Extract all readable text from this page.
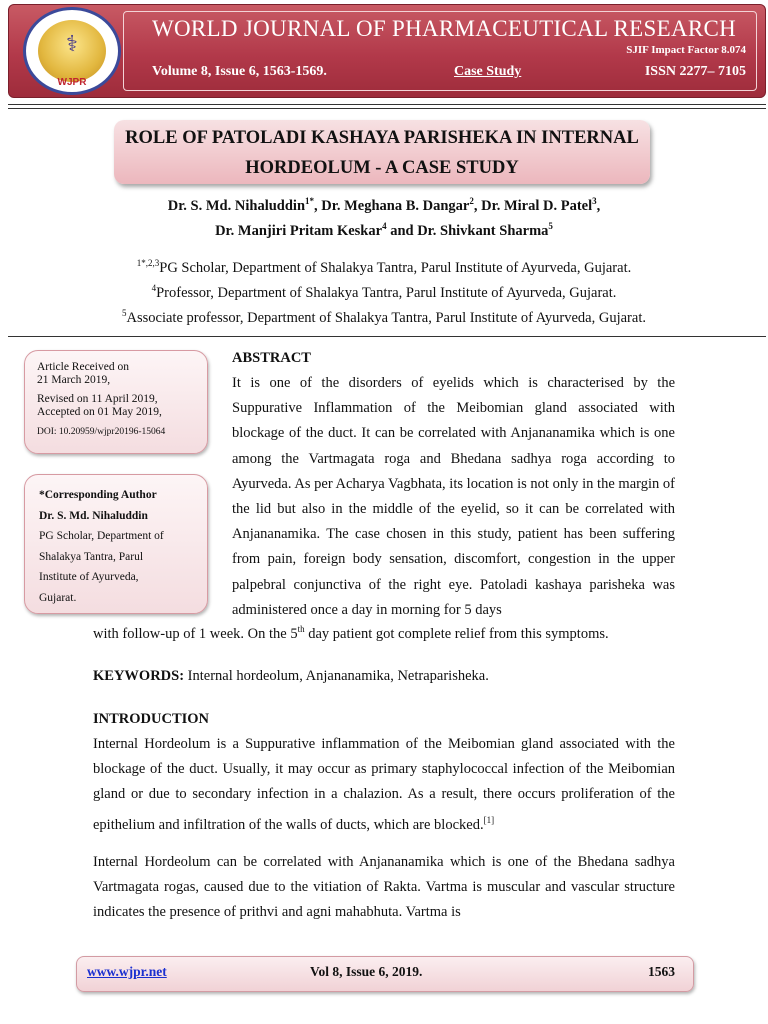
⚕
WJPR
WORLD JOURNAL OF PHARMACEUTICAL RESEARCH
SJIF Impact Factor 8.074
Volume 8, Issue 6, 1563-1569.	Case Study	ISSN 2277– 7105
ROLE OF PATOLADI KASHAYA PARISHEKA IN INTERNAL
HORDEOLUM - A CASE STUDY
Dr. S. Md. Nihaluddin$^{1*}$, Dr. Meghana B. Dangar$^2$, Dr. Miral D. Patel$^3$,
Dr. Manjiri Pritam Keskar$^4$ and Dr. Shivkant Sharma$^5$
$^{1*,2,3}$PG Scholar, Department of Shalakya Tantra, Parul Institute of Ayurveda, Gujarat.
$^4$Professor, Department of Shalakya Tantra, Parul Institute of Ayurveda, Gujarat.
$^5$Associate professor, Department of Shalakya Tantra, Parul Institute of Ayurveda, Gujarat.
Article Received on
21 March 2019,
Revised on 11 April 2019,
Accepted on 01 May 2019,
DOI: 10.20959/wjpr20196-15064
*Corresponding Author
Dr. S. Md. Nihaluddin
PG Scholar, Department of
Shalakya Tantra, Parul
Institute of Ayurveda,
Gujarat.
ABSTRACT
It is one of the disorders of eyelids which is characterised by the Suppurative Inflammation of the Meibomian gland associated with blockage of the duct. It can be correlated with Anjananamika which is one among the Vartmagata roga and Bhedana sadhya roga according to Ayurveda. As per Acharya Vagbhata, its location is not only in the margin of the lid but also in the middle of the eyelid, so it can be correlated with Anjananamika. The case chosen in this study, patient has been suffering from pain, foreign body sensation, discomfort, congestion in the upper palpebral conjunctiva of the right eye. Patoladi kashaya parisheka was administered once a day in morning for 5 days
with follow-up of 1 week. On the 5th day patient got complete relief from this symptoms.
KEYWORDS: Internal hordeolum, Anjananamika, Netraparisheka.
INTRODUCTION
Internal Hordeolum is a Suppurative inflammation of the Meibomian gland associated with the blockage of the duct. Usually, it may occur as primary staphylococcal infection of the Meibomian gland or due to secondary infection in a chalazion. As a result, there occurs proliferation of the epithelium and infiltration of the walls of ducts, which are blocked.[1]
Internal Hordeolum can be correlated with Anjananamika which is one of the Bhedana sadhya Vartmagata rogas, caused due to the vitiation of Rakta. Vartma is muscular and vascular structure indicates the presence of prithvi and agni mahabhuta. Vartma is
www.wjpr.net	Vol 8, Issue 6, 2019.	1563
